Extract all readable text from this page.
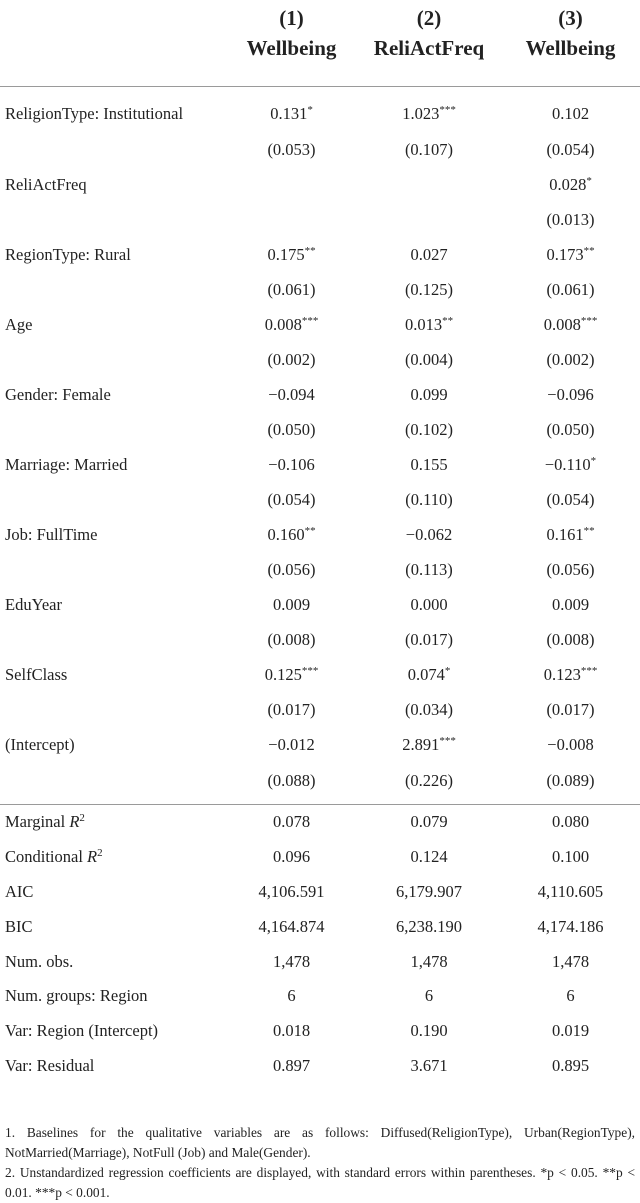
	(1)	(2)	(3)
	Wellbeing	ReliActFreq	Wellbeing
ReligionType: Institutional	0.131*	1.023***	0.102
	(0.053)	(0.107)	(0.054)
ReliActFreq			0.028*
			(0.013)
RegionType: Rural	0.175**	0.027	0.173**
	(0.061)	(0.125)	(0.061)
Age	0.008***	0.013**	0.008***
	(0.002)	(0.004)	(0.002)
Gender: Female	−0.094	0.099	−0.096
	(0.050)	(0.102)	(0.050)
Marriage: Married	−0.106	0.155	−0.110*
	(0.054)	(0.110)	(0.054)
Job: FullTime	0.160**	−0.062	0.161**
	(0.056)	(0.113)	(0.056)
EduYear	0.009	0.000	0.009
	(0.008)	(0.017)	(0.008)
SelfClass	0.125***	0.074*	0.123***
	(0.017)	(0.034)	(0.017)
(Intercept)	−0.012	2.891***	−0.008
	(0.088)	(0.226)	(0.089)
Marginal $R^2$	0.078	0.079	0.080
Conditional $R^2$	0.096	0.124	0.100
AIC	4,106.591	6,179.907	4,110.605
BIC	4,164.874	6,238.190	4,174.186
Num. obs.	1,478	1,478	1,478
Num. groups: Region	6	6	6
Var: Region (Intercept)	0.018	0.190	0.019
Var: Residual	0.897	3.671	0.895

1. Baselines for the qualitative variables are as follows: Diffused(ReligionType), Urban(RegionType), NotMarried(Marriage), NotFull (Job) and Male(Gender).

2. Unstandardized regression coefficients are displayed, with standard errors within parentheses. *p < 0.05. **p < 0.01. ***p < 0.001.
